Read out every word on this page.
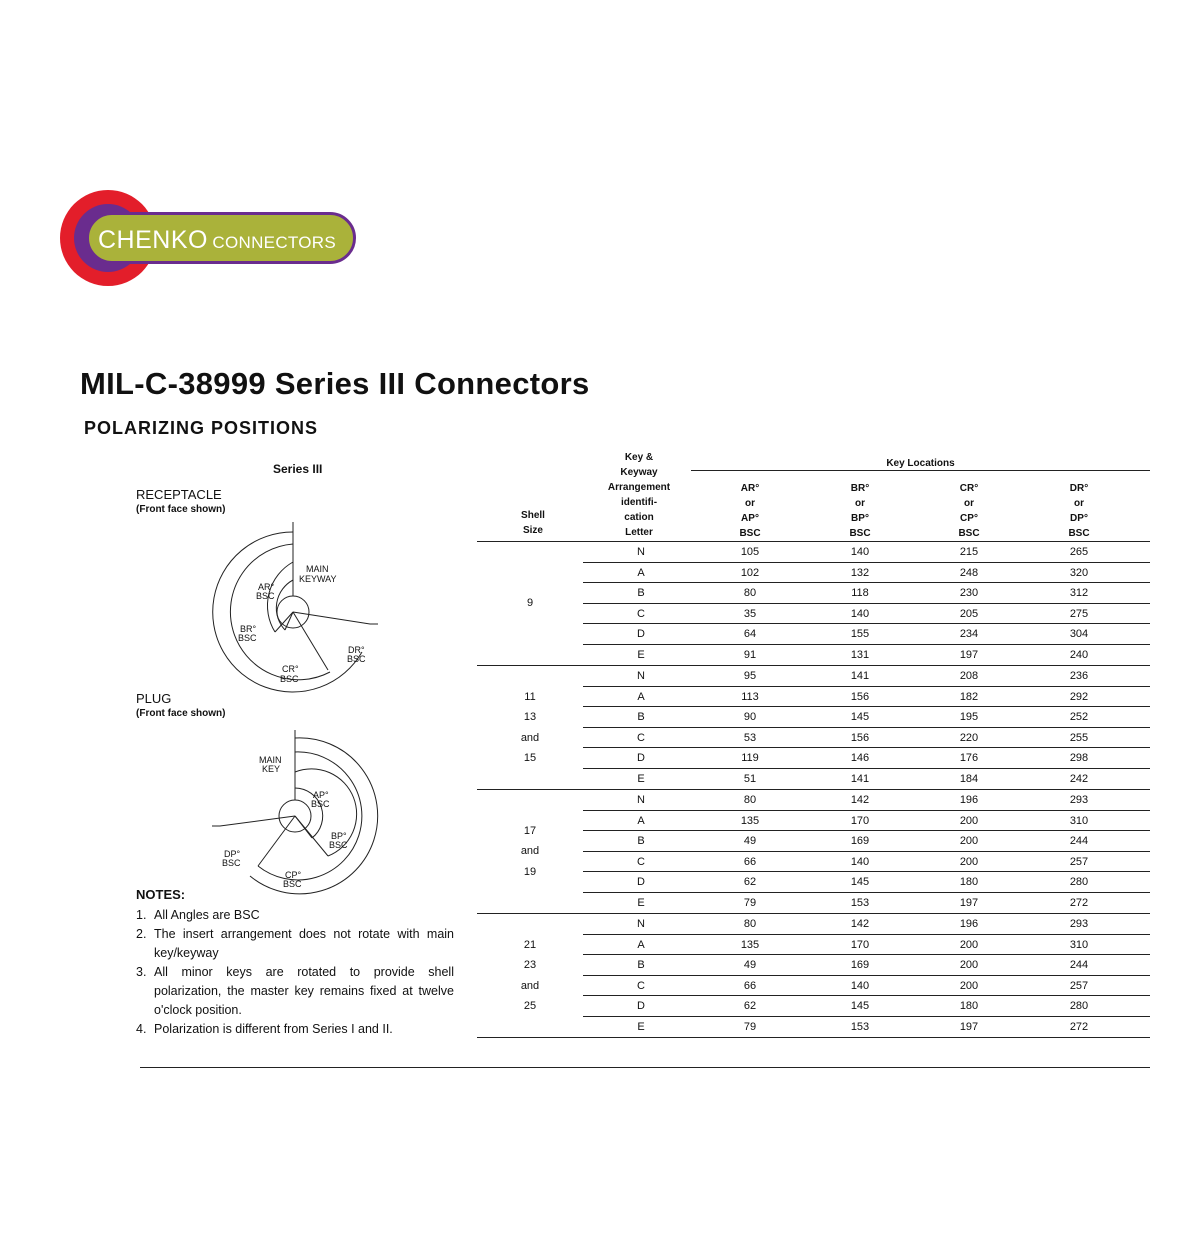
CHENKO CONNECTORS
MIL-C-38999 Series III Connectors
POLARIZING POSITIONS
Series III
RECEPTACLE
(Front face shown)
MAIN
KEYWAY
AR°
BSC
BR°
BSC
CR°
BSC
DR°
BSC
PLUG
(Front face shown)
MAIN
KEY
AP°
BSC
BP°
BSC
DP°
BSC
CP°
BSC
NOTES:
1. All Angles are BSC
2. The insert arrangement does not rotate with main key/keyway
3. All minor keys are rotated to provide shell polarization, the master key remains fixed at twelve o'clock position.
4. Polarization is different from Series I and II.
Shell
Size
Key &
Keyway
Arrangement
identifi-
cation
Letter
Key Locations
AR°
or
AP°
BSC
BR°
or
BP°
BSC
CR°
or
CP°
BSC
DR°
or
DP°
BSC
9
N	105	140	215	265
A	102	132	248	320
B	80	118	230	312
C	35	140	205	275
D	64	155	234	304
E	91	131	197	240
11
13
and
15
N	95	141	208	236
A	113	156	182	292
B	90	145	195	252
C	53	156	220	255
D	119	146	176	298
E	51	141	184	242
17
and
19
N	80	142	196	293
A	135	170	200	310
B	49	169	200	244
C	66	140	200	257
D	62	145	180	280
E	79	153	197	272
21
23
and
25
N	80	142	196	293
A	135	170	200	310
B	49	169	200	244
C	66	140	200	257
D	62	145	180	280
E	79	153	197	272
